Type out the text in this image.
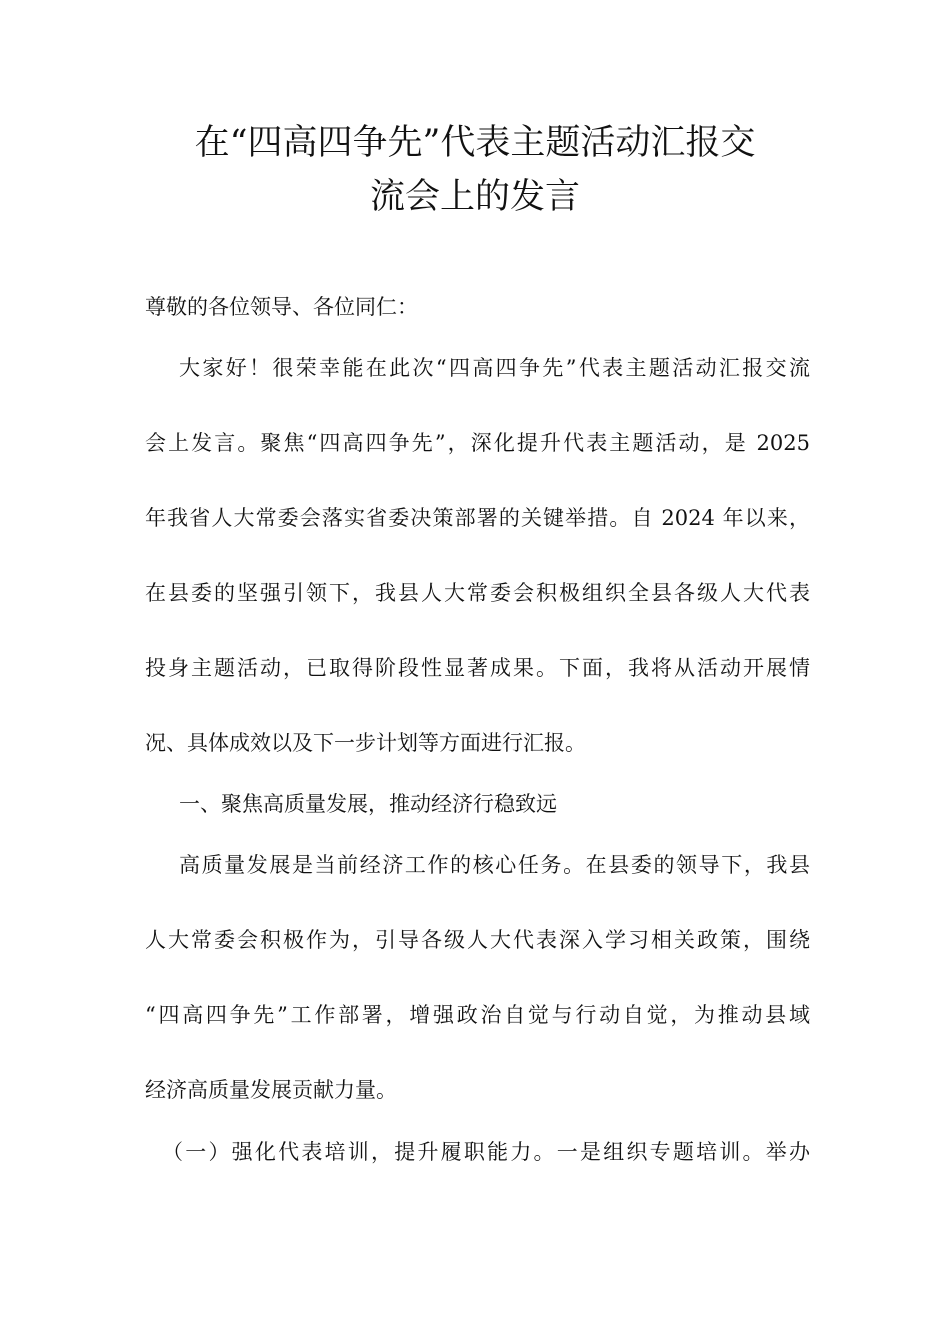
在“四高四争先”代表主题活动汇报交
流会上的发言
尊敬的各位领导、各位同仁：
大家好！很荣幸能在此次“四高四争先”代表主题活动汇报交流
会上发言。聚焦“四高四争先”，深化提升代表主题活动，是 2025
年我省人大常委会落实省委决策部署的关键举措。自 2024 年以来，
在县委的坚强引领下，我县人大常委会积极组织全县各级人大代表
投身主题活动，已取得阶段性显著成果。下面，我将从活动开展情
况、具体成效以及下一步计划等方面进行汇报。
一、聚焦高质量发展，推动经济行稳致远
高质量发展是当前经济工作的核心任务。在县委的领导下，我县
人大常委会积极作为，引导各级人大代表深入学习相关政策，围绕
“四高四争先”工作部署，增强政治自觉与行动自觉，为推动县域
经济高质量发展贡献力量。
（一）强化代表培训，提升履职能力。一是组织专题培训。举办
